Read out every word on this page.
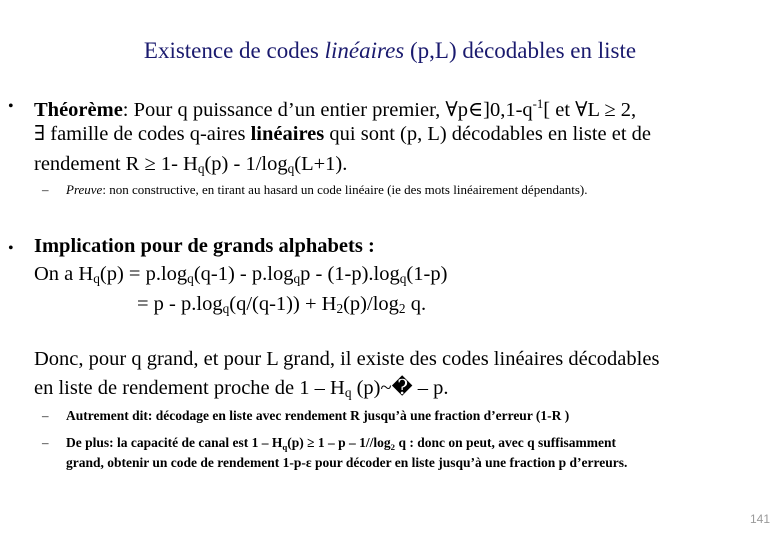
Existence de codes linéaires (p,L) décodables en liste
• Théorème: Pour q puissance d’un entier premier, $\forall p\in]0,1-q^{-1}$[ et ∀L ≥ 2,
∃ famille de codes q-aires linéaires qui sont (p, L) décodables en liste et de
rendement R ≥ 1- $H_q(p) - 1/\log_q(L+1)$.
– Preuve: non constructive, en tirant au hasard un code linéaire (ie des mots linéairement dépendants).
• Implication pour de grands alphabets :
On a $H_q(p) = p.\log_q(q-1) - p.\log_qp - (1-p).\log_q(1-p)$
= $p - p.\log_q(q/(q-1)) + H_2(p)/\log_2$ q.
Donc, pour q grand, et pour L grand, il existe des codes linéaires décodables
en liste de rendement proche de $1 - H_q$ (p)~� – p.
– Autrement dit: décodage en liste avec rendement R jusqu’à une fraction d’erreur (1-R )
– De plus: la capacité de canal est $1 - H_q(p) \ge 1 - p - 1//\log_2$ q : donc on peut, avec q suffisamment
grand, obtenir un code de rendement 1-p-ε pour décoder en liste jusqu’à une fraction p d’erreurs.
141
